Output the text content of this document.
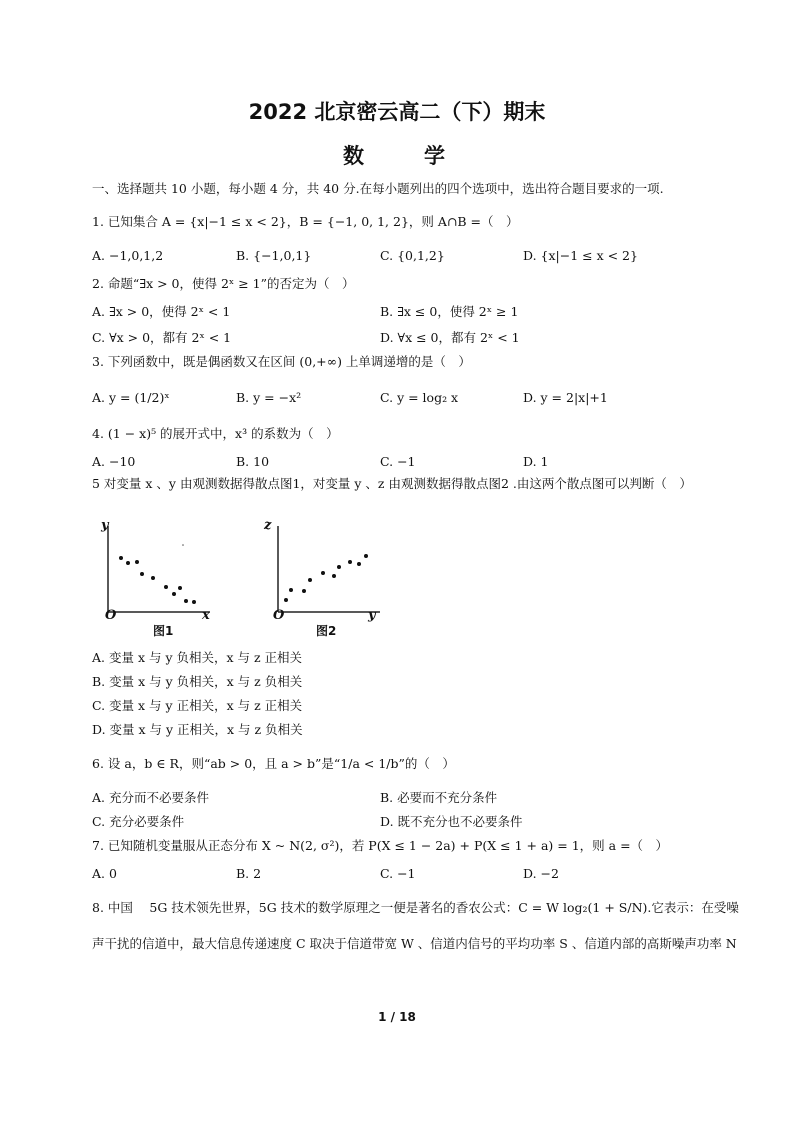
2022 北京密云高二（下）期末
数　　学
一、选择题共 10 小题，每小题 4 分，共 40 分.在每小题列出的四个选项中，选出符合题目要求的一项.
1. 已知集合 A = {x|−1 ≤ x < 2}，B = {−1, 0, 1, 2}，则 A∩B =（　）
A. −1,0,1,2	B. {−1,0,1}	C. {0,1,2}	D. {x|−1 ≤ x < 2}
2. 命题“∃x > 0，使得 2ˣ ≥ 1”的否定为（　）
A. ∃x > 0，使得 2ˣ < 1	B. ∃x ≤ 0，使得 2ˣ ≥ 1
C. ∀x > 0，都有 2ˣ < 1	D. ∀x ≤ 0，都有 2ˣ < 1
3. 下列函数中，既是偶函数又在区间 (0,+∞) 上单调递增的是（　）
A. y = (1/2)ˣ	B. y = −x²	C. y = log₂ x	D. y = 2|x|+1
4. (1 − x)⁵ 的展开式中，x³ 的系数为（　）
A. −10	B. 10	C. −1	D. 1
5 对变量 x 、y 由观测数据得散点图1，对变量 y 、z 由观测数据得散点图2 .由这两个散点图可以判断（　）
y
O	x
图1
z
O	y
图2
A. 变量 x 与 y 负相关，x 与 z 正相关
B. 变量 x 与 y 负相关，x 与 z 负相关
C. 变量 x 与 y 正相关，x 与 z 正相关
D. 变量 x 与 y 正相关，x 与 z 负相关
6. 设 a，b ∈ R，则“ab > 0，且 a > b”是“1/a < 1/b”的（　）
A. 充分而不必要条件	B. 必要而不充分条件
C. 充分必要条件	D. 既不充分也不必要条件
7. 已知随机变量服从正态分布 X ~ N(2, σ²)，若 P(X ≤ 1 − 2a) + P(X ≤ 1 + a) = 1，则 a =（　）
A. 0	B. 2	C. −1	D. −2
8. 中国　 5G 技术领先世界，5G 技术的数学原理之一便是著名的香农公式：C = W log₂(1 + S/N).它表示：在受噪
声干扰的信道中，最大信息传递速度 C 取决于信道带宽 W 、信道内信号的平均功率 S 、信道内部的高斯噪声功率 N
1 / 18
